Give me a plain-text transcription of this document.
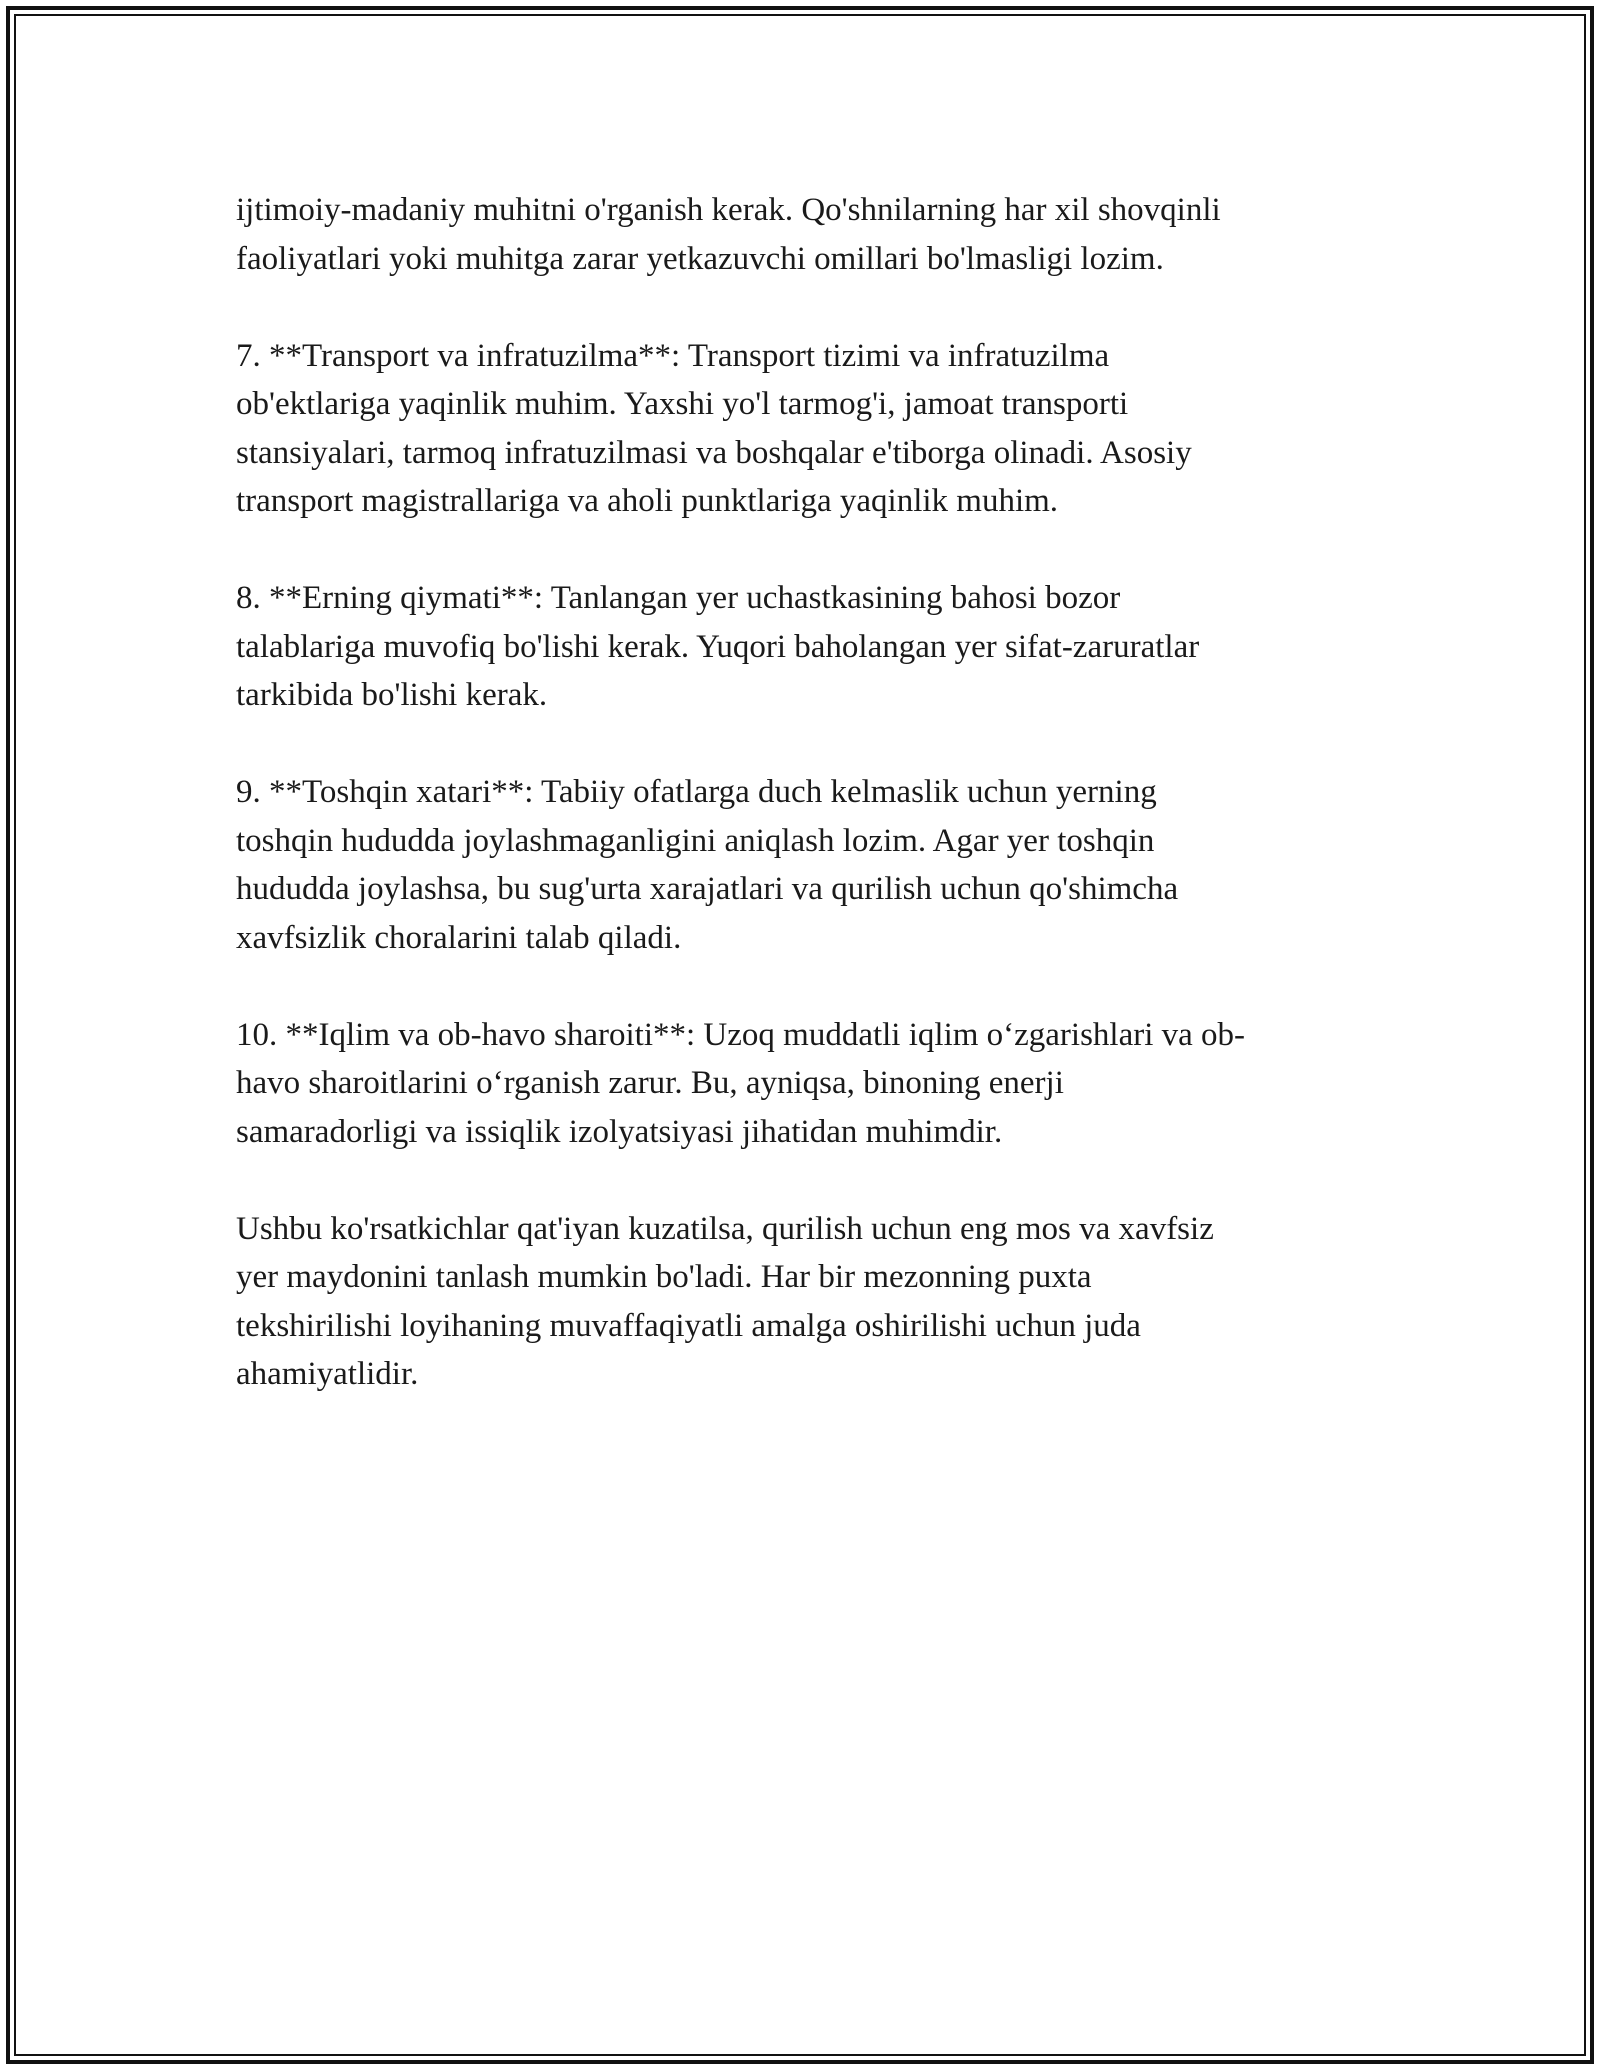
ijtimoiy-madaniy muhitni o'rganish kerak. Qo'shnilarning har xil shovqinli
faoliyatlari yoki muhitga zarar yetkazuvchi omillari bo'lmasligi lozim.

7. **Transport va infratuzilma**: Transport tizimi va infratuzilma
ob'ektlariga yaqinlik muhim. Yaxshi yo'l tarmog'i, jamoat transporti
stansiyalari, tarmoq infratuzilmasi va boshqalar e'tiborga olinadi. Asosiy
transport magistrallariga va aholi punktlariga yaqinlik muhim.

8. **Erning qiymati**: Tanlangan yer uchastkasining bahosi bozor
talablariga muvofiq bo'lishi kerak. Yuqori baholangan yer sifat-zaruratlar
tarkibida bo'lishi kerak.

9. **Toshqin xatari**: Tabiiy ofatlarga duch kelmaslik uchun yerning
toshqin hududda joylashmaganligini aniqlash lozim. Agar yer toshqin
hududda joylashsa, bu sug'urta xarajatlari va qurilish uchun qo'shimcha
xavfsizlik choralarini talab qiladi.

10. **Iqlim va ob-havo sharoiti**: Uzoq muddatli iqlim o‘zgarishlari va ob-
havo sharoitlarini o‘rganish zarur. Bu, ayniqsa, binoning enerji
samaradorligi va issiqlik izolyatsiyasi jihatidan muhimdir.

Ushbu ko'rsatkichlar qat'iyan kuzatilsa, qurilish uchun eng mos va xavfsiz
yer maydonini tanlash mumkin bo'ladi. Har bir mezonning puxta
tekshirilishi loyihaning muvaffaqiyatli amalga oshirilishi uchun juda
ahamiyatlidir.
